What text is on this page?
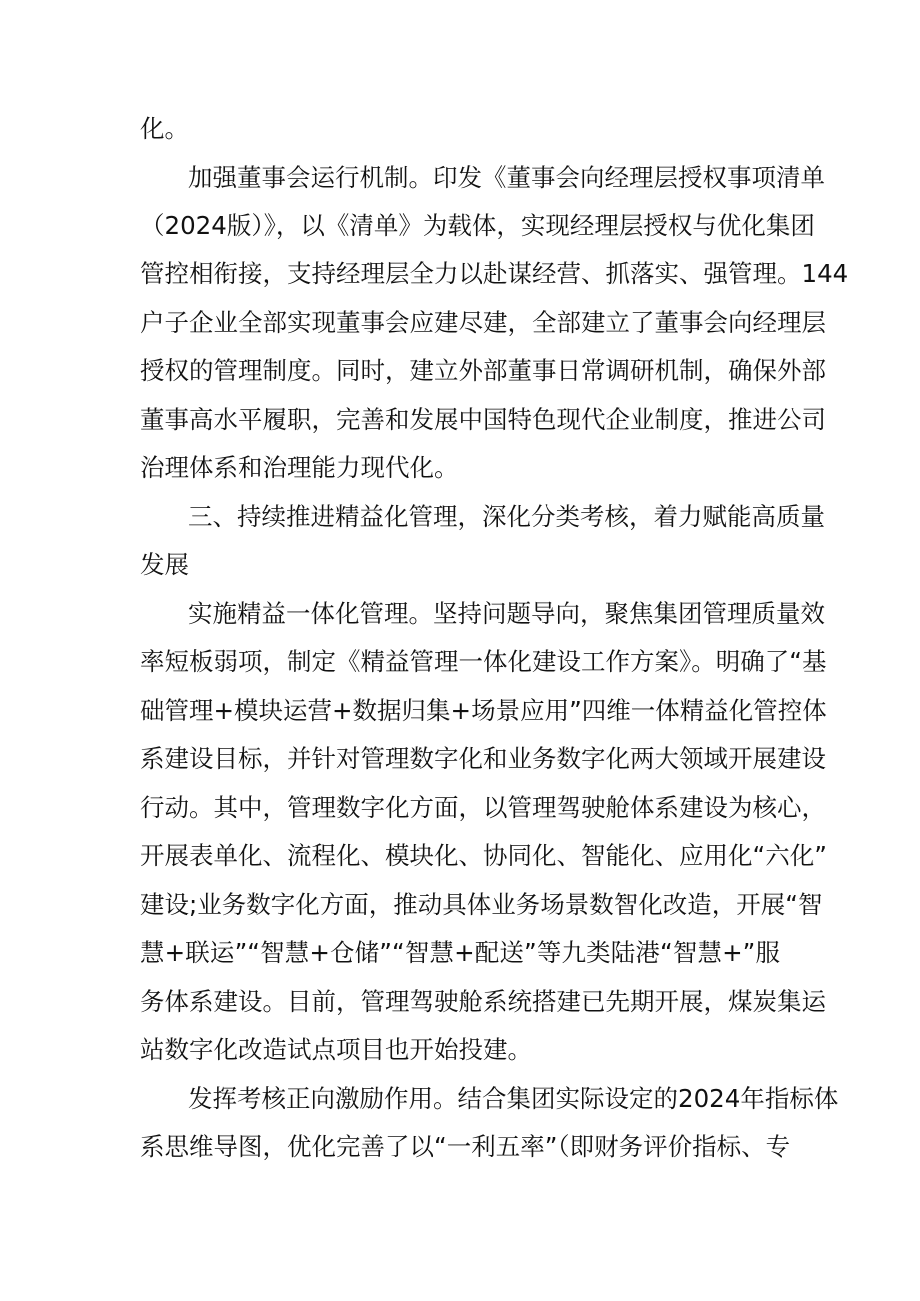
化。
加强董事会运行机制。印发《董事会向经理层授权事项清单
（2024版）》，以《清单》为载体，实现经理层授权与优化集团
管控相衔接，支持经理层全力以赴谋经营、抓落实、强管理。144
户子企业全部实现董事会应建尽建，全部建立了董事会向经理层
授权的管理制度。同时，建立外部董事日常调研机制，确保外部
董事高水平履职，完善和发展中国特色现代企业制度，推进公司
治理体系和治理能力现代化。
三、持续推进精益化管理，深化分类考核，着力赋能高质量
发展
实施精益一体化管理。坚持问题导向，聚焦集团管理质量效
率短板弱项，制定《精益管理一体化建设工作方案》。明确了“基
础管理+模块运营+数据归集+场景应用”四维一体精益化管控体
系建设目标，并针对管理数字化和业务数字化两大领域开展建设
行动。其中，管理数字化方面，以管理驾驶舱体系建设为核心，
开展表单化、流程化、模块化、协同化、智能化、应用化“六化”
建设;业务数字化方面，推动具体业务场景数智化改造，开展“智
慧+联运”“智慧+仓储”“智慧+配送”等九类陆港“智慧+”服
务体系建设。目前，管理驾驶舱系统搭建已先期开展，煤炭集运
站数字化改造试点项目也开始投建。
发挥考核正向激励作用。结合集团实际设定的2024年指标体
系思维导图，优化完善了以“一利五率”（即财务评价指标、专
